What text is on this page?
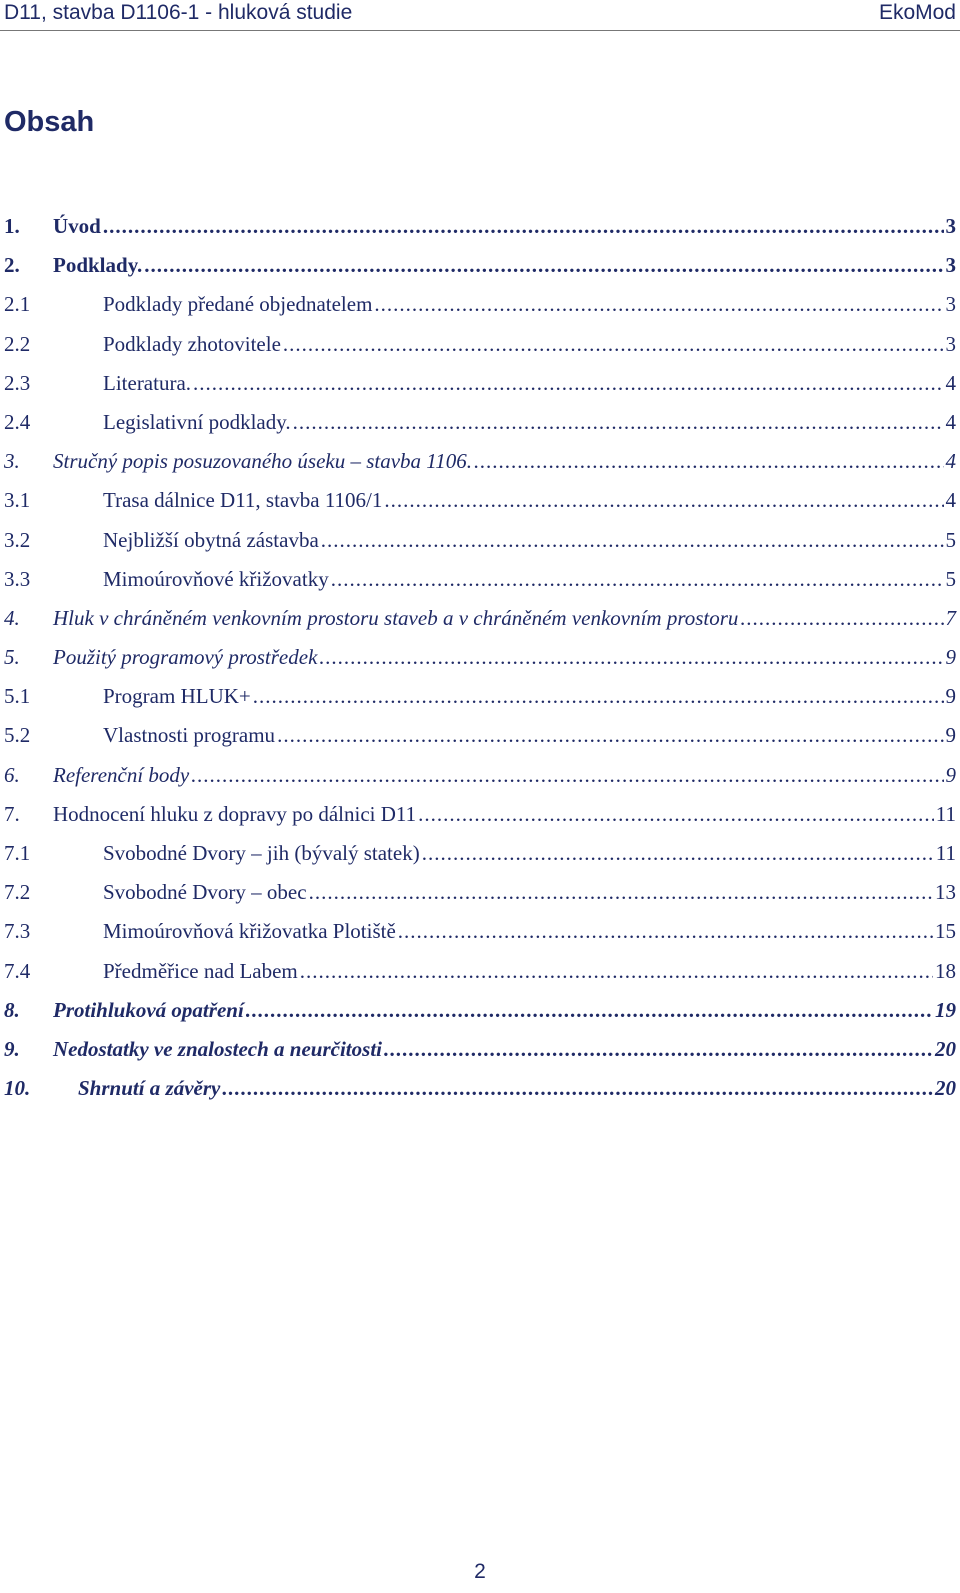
D11, stavba D1106-1 - hluková studie	EkoMod
Obsah
1. Úvod .....	3
2. Podklady. .....	3
2.1	Podklady předané objednatelem .....	3
2.2	Podklady zhotovitele .....	3
2.3	Literatura. .....	4
2.4	Legislativní podklady. .....	4
3. Stručný popis posuzovaného úseku – stavba 1106. .....	4
3.1	Trasa dálnice D11, stavba 1106/1 .....	4
3.2	Nejbližší obytná zástavba .....	5
3.3	Mimoúrovňové křižovatky .....	5
4. Hluk v chráněném venkovním prostoru staveb a v chráněném venkovním prostoru .....	7
5. Použitý programový prostředek .....	9
5.1	Program HLUK+ .....	9
5.2	Vlastnosti programu .....	9
6. Referenční body .....	9
7. Hodnocení hluku z dopravy po dálnici D11 .....	11
7.1	Svobodné Dvory – jih (bývalý statek) .....	11
7.2	Svobodné Dvory – obec .....	13
7.3	Mimoúrovňová křižovatka Plotiště .....	15
7.4	Předměřice nad Labem .....	18
8. Protihluková opatření .....	19
9. Nedostatky ve znalostech a neurčitosti .....	20
10. Shrnutí a závěry .....	20
2
